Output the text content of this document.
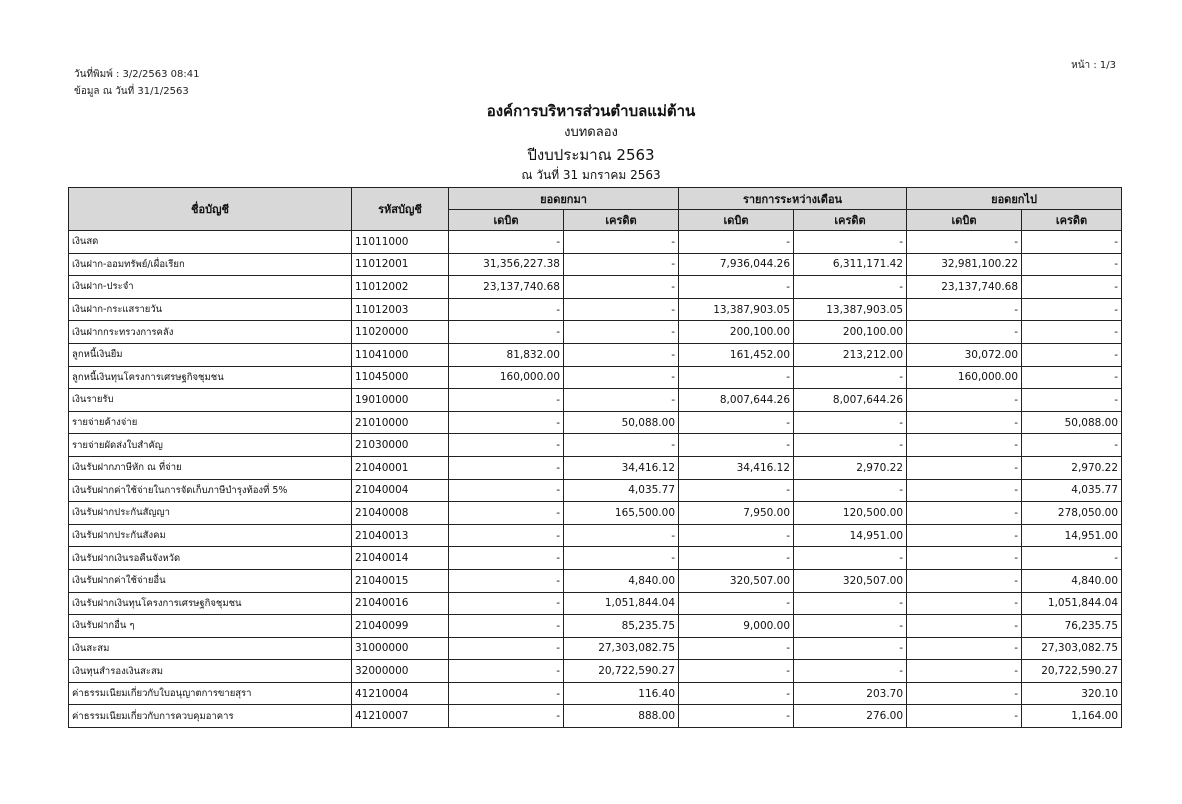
วันที่พิมพ์ : 3/2/2563 08:41
ข้อมูล ณ วันที่ 31/1/2563
หน้า : 1/3
องค์การบริหารส่วนตำบลแม่ต้าน
งบทดลอง
ปีงบประมาณ 2563
ณ วันที่ 31 มกราคม 2563
ชื่อบัญชี	รหัสบัญชี	ยอดยกมา		รายการระหว่างเดือน		ยอดยกไป	
		เดบิต	เครดิต	เดบิต	เครดิต	เดบิต	เครดิต
เงินสด	11011000	-	-	-	-	-	-
เงินฝาก-ออมทรัพย์/เผื่อเรียก	11012001	31,356,227.38	-	7,936,044.26	6,311,171.42	32,981,100.22	-
เงินฝาก-ประจำ	11012002	23,137,740.68	-	-	-	23,137,740.68	-
เงินฝาก-กระแสรายวัน	11012003	-	-	13,387,903.05	13,387,903.05	-	-
เงินฝากกระทรวงการคลัง	11020000	-	-	200,100.00	200,100.00	-	-
ลูกหนี้เงินยืม	11041000	81,832.00	-	161,452.00	213,212.00	30,072.00	-
ลูกหนี้เงินทุนโครงการเศรษฐกิจชุมชน	11045000	160,000.00	-	-	-	160,000.00	-
เงินรายรับ	19010000	-	-	8,007,644.26	8,007,644.26	-	-
รายจ่ายค้างจ่าย	21010000	-	50,088.00	-	-	-	50,088.00
รายจ่ายผัดส่งใบสำคัญ	21030000	-	-	-	-	-	-
เงินรับฝากภาษีหัก ณ ที่จ่าย	21040001	-	34,416.12	34,416.12	2,970.22	-	2,970.22
เงินรับฝากค่าใช้จ่ายในการจัดเก็บภาษีบำรุงท้องที่ 5%	21040004	-	4,035.77	-	-	-	4,035.77
เงินรับฝากประกันสัญญา	21040008	-	165,500.00	7,950.00	120,500.00	-	278,050.00
เงินรับฝากประกันสังคม	21040013	-	-	-	14,951.00	-	14,951.00
เงินรับฝากเงินรอคืนจังหวัด	21040014	-	-	-	-	-	-
เงินรับฝากค่าใช้จ่ายอื่น	21040015	-	4,840.00	320,507.00	320,507.00	-	4,840.00
เงินรับฝากเงินทุนโครงการเศรษฐกิจชุมชน	21040016	-	1,051,844.04	-	-	-	1,051,844.04
เงินรับฝากอื่น ๆ	21040099	-	85,235.75	9,000.00	-	-	76,235.75
เงินสะสม	31000000	-	27,303,082.75	-	-	-	27,303,082.75
เงินทุนสำรองเงินสะสม	32000000	-	20,722,590.27	-	-	-	20,722,590.27
ค่าธรรมเนียมเกี่ยวกับใบอนุญาตการขายสุรา	41210004	-	116.40	-	203.70	-	320.10
ค่าธรรมเนียมเกี่ยวกับการควบคุมอาคาร	41210007	-	888.00	-	276.00	-	1,164.00
